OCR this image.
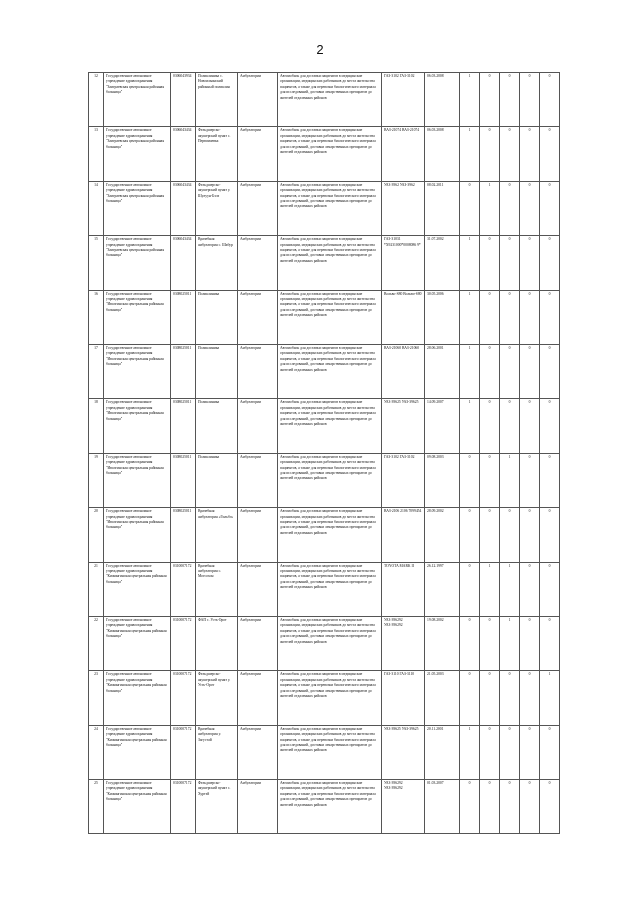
2
12	Государственное автономное учреждение здравоохранения "Заиграевская центральная районная больница"	0306043934	Поликлиника с. Новоильинский районный поликлин	Амбулатории	Автомобиль для доставки пациентов в медицинские организации, медицинских работников до места жительства пациентов, а также для перевозки биологического материала для исследований, доставки лекарственных препаратов до жителей отдаленных районов	ГАЗ-3102 ГАЗ-3102	06.03.2008	1	0	0	0	0
13	Государственное автономное учреждение здравоохранения "Заиграевская центральная районная больница"	0306043434	Фельдшерско-акушерский пункт с. Первомаевка	Амбулатории	Автомобиль для доставки пациентов в медицинские организации, медицинских работников до места жительства пациентов, а также для перевозки биологического материала для исследований, доставки лекарственных препаратов до жителей отдаленных районов	ВАЗ-21074 ВАЗ-21074	06.03.2008	1	0	0	0	0
14	Государственное автономное учреждение здравоохранения "Заиграевская центральная районная больница"	0306043434	Фельдшерско-акушерский пункт у. Шулуун-Бэлэ	Амбулатории	Автомобиль для доставки пациентов в медицинские организации, медицинских работников до места жительства пациентов, а также для перевозки биологического материала для исследований, доставки лекарственных препаратов до жителей отдаленных районов	УАЗ-3962 УАЗ-3962	08.02.2011	0	1	0	0	0
15	Государственное автономное учреждение здравоохранения "Заиграевская центральная районная больница"	0306043434	Врачебная амбулатория с. Шабур	Амбулатории	Автомобиль для доставки пациентов в медицинские организации, медицинских работников до места жительства пациентов, а также для перевозки биологического материала для исследований, доставки лекарственных препаратов до жителей отдаленных районов	ГАЗ-31031 *X9231000*0008086 9*	31.07.2002	1	0	0	0	0
16	Государственное автономное учреждение здравоохранения "Иволгинская центральная районная больница"	0308025011	Поликлиника	Амбулатории	Автомобиль для доставки пациентов в медицинские организации, медицинских работников до места жительства пациентов, а также для перевозки биологического материала для исследований, доставки лекарственных препаратов до жителей отдаленных районов	Вольво-S80 Вольво-S80	30.05.2006	1	0	0	0	0
17	Государственное автономное учреждение здравоохранения "Иволгинская центральная районная больница"	0308025011	Поликлиника	Амбулатории	Автомобиль для доставки пациентов в медицинские организации, медицинских работников до места жительства пациентов, а также для перевозки биологического материала для исследований, доставки лекарственных препаратов до жителей отдаленных районов	ВАЗ-21060 ВАЗ-21060	28.06.2001	1	0	0	0	0
18	Государственное автономное учреждение здравоохранения "Иволгинская центральная районная больница"	0308025011	Поликлиника	Амбулатории	Автомобиль для доставки пациентов в медицинские организации, медицинских работников до места жительства пациентов, а также для перевозки биологического материала для исследований, доставки лекарственных препаратов до жителей отдаленных районов	УАЗ-39625 УАЗ-39625	14.09.2007	1	0	0	0	0
19	Государственное автономное учреждение здравоохранения "Иволгинская центральная районная больница"	0308025011	Поликлиника	Амбулатории	Автомобиль для доставки пациентов в медицинские организации, медицинских работников до места жительства пациентов, а также для перевозки биологического материала для исследований, доставки лекарственных препаратов до жителей отдаленных районов	ГАЗ-3102 ГАЗ-3102	09.08.2003	0	0	1	0	0
20	Государственное автономное учреждение здравоохранения "Иволгинская центральная районная больница"	0308025011	Врачебная амбулатория «Гильбэ»	Амбулатории	Автомобиль для доставки пациентов в медицинские организации, медицинских работников до места жительства пациентов, а также для перевозки биологического материала для исследований, доставки лекарственных препаратов до жителей отдаленных районов	ВАЗ-2106 2106 7099454	28.09.2002	0	0	0	0	0
21	Государственное автономное учреждение здравоохранения "Кижингинская центральная районная больница"	0310007172	Врачебная амбулатория с. Могсохон	Амбулатории	Автомобиль для доставки пациентов в медицинские организации, медицинских работников до места жительства пациентов, а также для перевозки биологического материала для исследований, доставки лекарственных препаратов до жителей отдаленных районов	TOYOTA MARK II	26.12.1997	0	1	1	0	0
22	Государственное автономное учреждение здравоохранения "Кижингинская центральная районная больница"	0310007172	ФАП с. Усть-Орот	Амбулатории	Автомобиль для доставки пациентов в медицинские организации, медицинских работников до места жительства пациентов, а также для перевозки биологического материала для исследований, доставки лекарственных препаратов до жителей отдаленных районов	УАЗ-396292 УАЗ-396292	19.08.2002	0	0	1	0	0
23	Государственное автономное учреждение здравоохранения "Кижингинская центральная районная больница"	0310007172	Фельдшерско-акушерский пункт у. Усть-Орот	Амбулатории	Автомобиль для доставки пациентов в медицинские организации, медицинских работников до места жительства пациентов, а также для перевозки биологического материала для исследований, доставки лекарственных препаратов до жителей отдаленных районов	ГАЗ-3110 ГАЗ-3110	21.05.2003	0	0	0	0	1
24	Государственное автономное учреждение здравоохранения "Кижингинская центральная районная больница"	0310007172	Врачебная амбулатория у. Загустай	Амбулатории	Автомобиль для доставки пациентов в медицинские организации, медицинских работников до места жительства пациентов, а также для перевозки биологического материала для исследований, доставки лекарственных препаратов до жителей отдаленных районов	УАЗ-39625 УАЗ-39625	20.11.2001	1	0	0	0	0
25	Государственное автономное учреждение здравоохранения "Кижингинская центральная районная больница"	0310007172	Фельдшерско-акушерский пункт с. Хуртэй	Амбулатории	Автомобиль для доставки пациентов в медицинские организации, медицинских работников до места жительства пациентов, а также для перевозки биологического материала для исследований, доставки лекарственных препаратов до жителей отдаленных районов	УАЗ-396292 УАЗ-396292	01.03.2007	0	0	0	0	0
